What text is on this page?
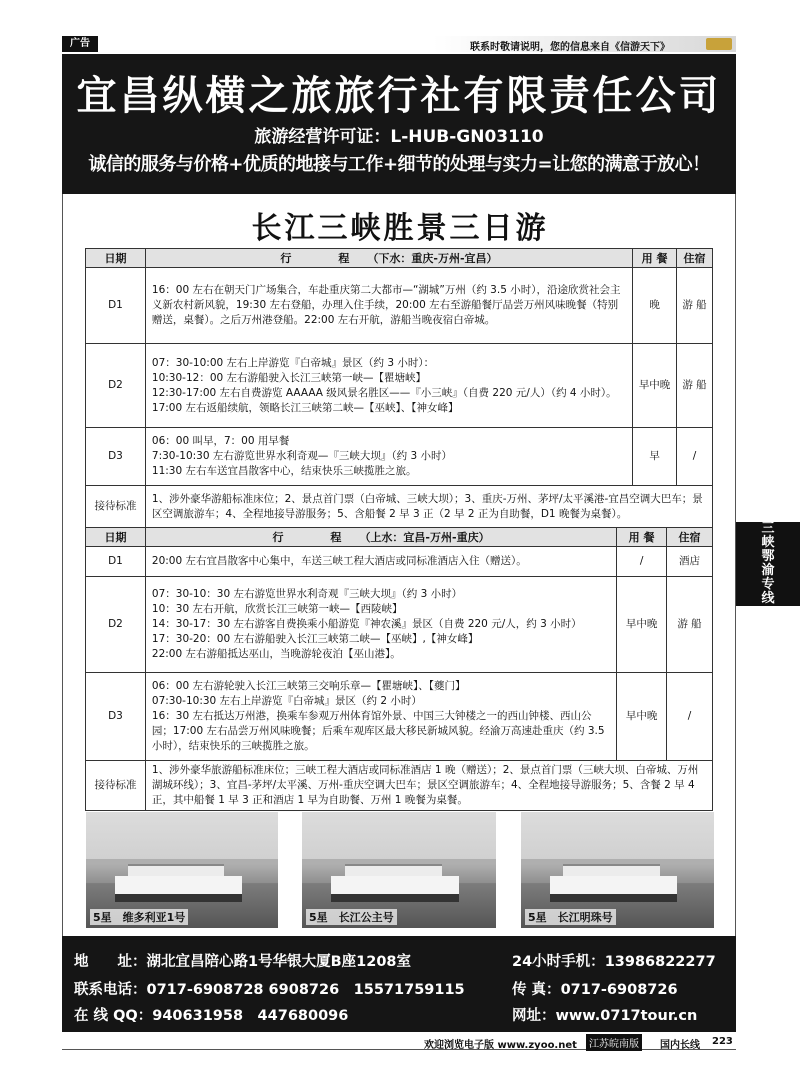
广告	联系时敬请说明，您的信息来自《信游天下》
宜昌纵横之旅旅行社有限责任公司
旅游经营许可证：L-HUB-GN03110
诚信的服务与价格+优质的地接与工作+细节的处理与实力=让您的满意于放心！
长江三峡胜景三日游
日期	行　程（下水：重庆-万州-宜昌）	用 餐	住宿
D1	16：00 左右在朝天门广场集合，车赴重庆第二大都市—“湖城”万州（约 3.5 小时），沿途欣赏社会主义新农村新风貌，19:30 左右登船，办理入住手续，20:00 左右至游船餐厅品尝万州风味晚餐（特别赠送，桌餐）。之后万州港登船。22:00 左右开航，游船当晚夜宿白帝城。	晚	游 船
D2	07：30-10:00 左右上岸游览『白帝城』景区（约 3 小时）：
10:30-12：00 左右游船驶入长江三峡第一峡—【瞿塘峡】
12:30-17:00 左右自费游览 AAAAA 级风景名胜区——『小三峡』（自费 220 元/人）（约 4 小时）。
17:00 左右返船续航，领略长江三峡第二峡—【巫峡】、【神女峰】	早中晚	游 船
D3	06：00 叫早，7：00 用早餐
7:30-10:30 左右游览世界水利奇观—『三峡大坝』（约 3 小时）
11:30 左右车送宜昌散客中心，结束快乐三峡揽胜之旅。	早	/
接待标准	1、涉外豪华游船标准床位；2、景点首门票（白帝城、三峡大坝）；3、重庆-万州、茅坪/太平溪港-宜昌空调大巴车；景区空调旅游车；4、全程地接导游服务；5、含船餐 2 早 3 正（2 早 2 正为自助餐，D1 晚餐为桌餐）。		
日期	行　程（上水：宜昌-万州-重庆）	用 餐	住宿
D1	20:00 左右宜昌散客中心集中，车送三峡工程大酒店或同标准酒店入住（赠送）。	/	酒店
D2	07：30-10：30 左右游览世界水利奇观『三峡大坝』（约 3 小时）
10：30 左右开航，欣赏长江三峡第一峡—【西陵峡】
14：30-17：30 左右游客自费换乘小船游览『神农溪』景区（自费 220 元/人，约 3 小时）
17：30-20：00 左右游船驶入长江三峡第二峡—【巫峡】,【神女峰】
22:00 左右游船抵达巫山，当晚游轮夜泊【巫山港】。	早中晚	游 船
D3	06：00 左右游轮驶入长江三峡第三交响乐章—【瞿塘峡】、【夔门】
07:30-10:30 左右上岸游览『白帝城』景区（约 2 小时）
16：30 左右抵达万州港，换乘车参观万州体育馆外景、中国三大钟楼之一的西山钟楼、西山公园；17:00 左右品尝万州风味晚餐；后乘车观库区最大移民新城风貌。经渝万高速赴重庆（约 3.5 小时），结束快乐的三峡揽胜之旅。	早中晚	/
接待标准	1、涉外豪华旅游船标准床位；三峡工程大酒店或同标准酒店 1 晚（赠送）；2、景点首门票（三峡大坝、白帝城、万州湖城环线）；3、宜昌-茅坪/太平溪、万州-重庆空调大巴车；景区空调旅游车；4、全程地接导游服务；5、含餐 2 早 4 正，其中船餐 1 早 3 正和酒店 1 早为自助餐、万州 1 晚餐为桌餐。		
三
峡
鄂
渝
专
线
5星　维多利亚1号	5星　长江公主号	5星　长江明珠号
地　　址：湖北宜昌陪心路1号华银大厦B座1208室	24小时手机：13986822277
联系电话：0717-6908728 6908726　15571759115	传 真：0717-6908726
在 线 QQ：940631958　447680096	网址：www.0717tour.cn
欢迎浏览电子版 www.zyoo.net	江苏皖南版	国内长线 223
